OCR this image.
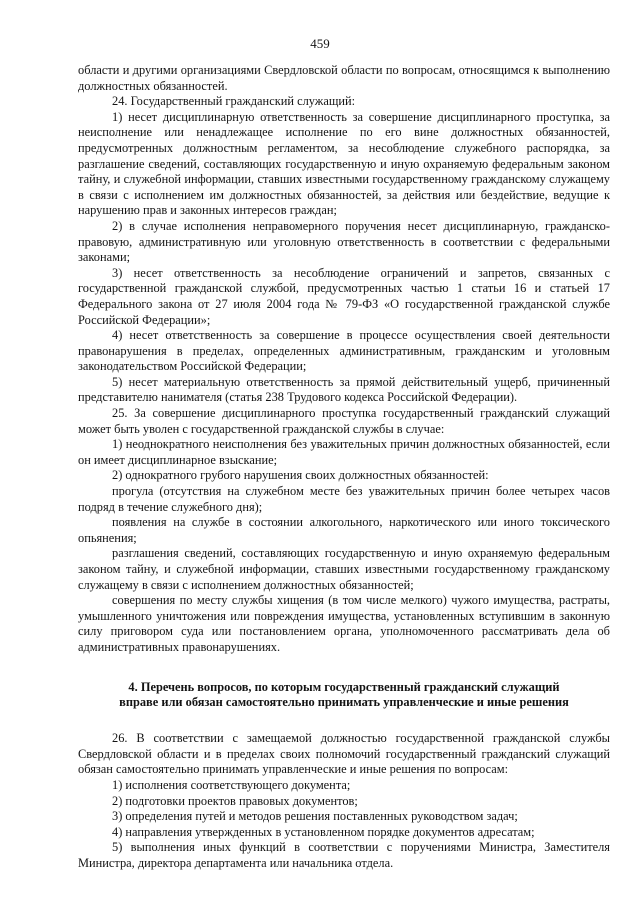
459

области и другими организациями Свердловской области по вопросам, относящимся к выполнению должностных обязанностей.

24. Государственный гражданский служащий:

1) несет дисциплинарную ответственность за совершение дисциплинарного проступка, за неисполнение или ненадлежащее исполнение по его вине должностных обязанностей, предусмотренных должностным регламентом, за несоблюдение служебного распорядка, за разглашение сведений, составляющих государственную и иную охраняемую федеральным законом тайну, и служебной информации, ставших известными государственному гражданскому служащему в связи с исполнением им должностных обязанностей, за действия или бездействие, ведущие к нарушению прав и законных интересов граждан;

2) в случае исполнения неправомерного поручения несет дисциплинарную, гражданско-правовую, административную или уголовную ответственность в соответствии с федеральными законами;

3) несет ответственность за несоблюдение ограничений и запретов, связанных с государственной гражданской службой, предусмотренных частью 1 статьи 16 и статьей 17 Федерального закона от 27 июля 2004 года № 79-ФЗ «О государственной гражданской службе Российской Федерации»;

4) несет ответственность за совершение в процессе осуществления своей деятельности правонарушения в пределах, определенных административным, гражданским и уголовным законодательством Российской Федерации;

5) несет материальную ответственность за прямой действительный ущерб, причиненный представителю нанимателя (статья 238 Трудового кодекса Российской Федерации).

25. За совершение дисциплинарного проступка государственный гражданский служащий может быть уволен с государственной гражданской службы в случае:

1) неоднократного неисполнения без уважительных причин должностных обязанностей, если он имеет дисциплинарное взыскание;

2) однократного грубого нарушения своих должностных обязанностей:

прогула (отсутствия на служебном месте без уважительных причин более четырех часов подряд в течение служебного дня);

появления на службе в состоянии алкогольного, наркотического или иного токсического опьянения;

разглашения сведений, составляющих государственную и иную охраняемую федеральным законом тайну, и служебной информации, ставших известными государственному гражданскому служащему в связи с исполнением должностных обязанностей;

совершения по месту службы хищения (в том числе мелкого) чужого имущества, растраты, умышленного уничтожения или повреждения имущества, установленных вступившим в законную силу приговором суда или постановлением органа, уполномоченного рассматривать дела об административных правонарушениях.

4. Перечень вопросов, по которым государственный гражданский служащий
вправе или обязан самостоятельно принимать управленческие и иные решения

26. В соответствии с замещаемой должностью государственной гражданской службы Свердловской области и в пределах своих полномочий государственный гражданский служащий обязан самостоятельно принимать управленческие и иные решения по вопросам:

1) исполнения соответствующего документа;

2) подготовки проектов правовых документов;

3) определения путей и методов решения поставленных руководством задач;

4) направления утвержденных в установленном порядке документов адресатам;

5) выполнения иных функций в соответствии с поручениями Министра, Заместителя Министра, директора департамента или начальника отдела.
